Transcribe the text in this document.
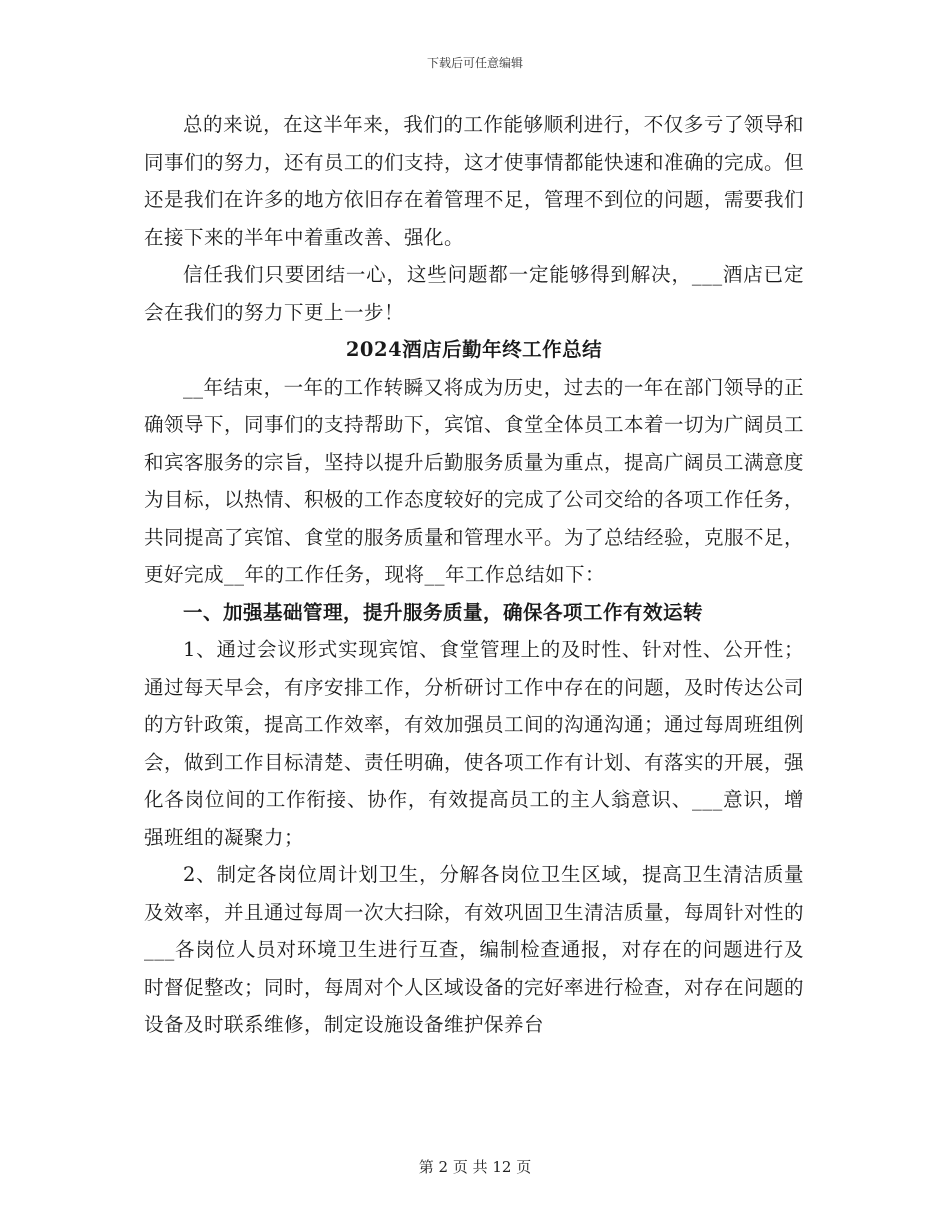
下载后可任意编辑

总的来说，在这半年来，我们的工作能够顺利进行，不仅多亏了领导和同事们的努力，还有员工的们支持，这才使事情都能快速和准确的完成。但还是我们在许多的地方依旧存在着管理不足，管理不到位的问题，需要我们在接下来的半年中着重改善、强化。

信任我们只要团结一心，这些问题都一定能够得到解决，___酒店已定会在我们的努力下更上一步！

2024酒店后勤年终工作总结

__年结束，一年的工作转瞬又将成为历史，过去的一年在部门领导的正确领导下，同事们的支持帮助下，宾馆、食堂全体员工本着一切为广阔员工和宾客服务的宗旨，坚持以提升后勤服务质量为重点，提高广阔员工满意度为目标，以热情、积极的工作态度较好的完成了公司交给的各项工作任务，共同提高了宾馆、食堂的服务质量和管理水平。为了总结经验，克服不足，更好完成__年的工作任务，现将__年工作总结如下：

一、加强基础管理，提升服务质量，确保各项工作有效运转

1、通过会议形式实现宾馆、食堂管理上的及时性、针对性、公开性；通过每天早会，有序安排工作，分析研讨工作中存在的问题，及时传达公司的方针政策，提高工作效率，有效加强员工间的沟通沟通；通过每周班组例会，做到工作目标清楚、责任明确，使各项工作有计划、有落实的开展，强化各岗位间的工作衔接、协作，有效提高员工的主人翁意识、___意识，增强班组的凝聚力；

2、制定各岗位周计划卫生，分解各岗位卫生区域，提高卫生清洁质量及效率，并且通过每周一次大扫除，有效巩固卫生清洁质量，每周针对性的___各岗位人员对环境卫生进行互查，编制检查通报，对存在的问题进行及时督促整改；同时，每周对个人区域设备的完好率进行检查，对存在问题的设备及时联系维修，制定设施设备维护保养台

第 2 页 共 12 页
